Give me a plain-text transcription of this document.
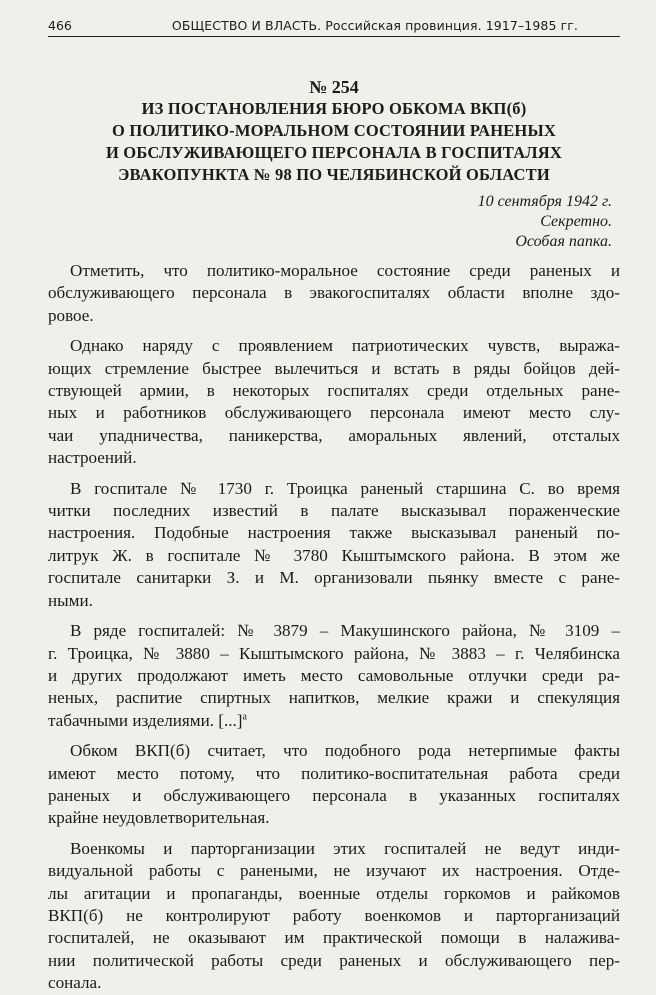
466	ОБЩЕСТВО И ВЛАСТЬ. Российская провинция. 1917–1985 гг.
№ 254
ИЗ ПОСТАНОВЛЕНИЯ БЮРО ОБКОМА ВКП(б)
О ПОЛИТИКО-МОРАЛЬНОМ СОСТОЯНИИ РАНЕНЫХ
И ОБСЛУЖИВАЮЩЕГО ПЕРСОНАЛА В ГОСПИТАЛЯХ
ЭВАКОПУНКТА № 98 ПО ЧЕЛЯБИНСКОЙ ОБЛАСТИ
10 сентября 1942 г.
Секретно.
Особая папка.

Отметить, что политико-моральное состояние среди раненых и
обслуживающего персонала в эвакогоспиталях области вполне здо-
ровое.

Однако наряду с проявлением патриотических чувств, выража-
ющих стремление быстрее вылечиться и встать в ряды бойцов дей-
ствующей армии, в некоторых госпиталях среди отдельных ране-
ных и работников обслуживающего персонала имеют место слу-
чаи упадничества, паникерства, аморальных явлений, отсталых
настроений.

В госпитале № 1730 г. Троицка раненый старшина С. во время
читки последних известий в палате высказывал пораженческие
настроения. Подобные настроения также высказывал раненый по-
литрук Ж. в госпитале № 3780 Кыштымского района. В этом же
госпитале санитарки З. и М. организовали пьянку вместе с ране-
ными.

В ряде госпиталей: № 3879 – Макушинского района, № 3109 –
г. Троицка, № 3880 – Кыштымского района, № 3883 – г. Челябинска
и других продолжают иметь место самовольные отлучки среди ра-
неных, распитие спиртных напитков, мелкие кражи и спекуляция
табачными изделиями. [...]$^а$

Обком ВКП(б) считает, что подобного рода нетерпимые факты
имеют место потому, что политико-воспитательная работа среди
раненых и обслуживающего персонала в указанных госпиталях
крайне неудовлетворительная.

Военкомы и парторганизации этих госпиталей не ведут инди-
видуальной работы с ранеными, не изучают их настроения. Отде-
лы агитации и пропаганды, военные отделы горкомов и райкомов
ВКП(б) не контролируют работу военкомов и парторганизаций
госпиталей, не оказывают им практической помощи в налажива-
нии политической работы среди раненых и обслуживающего пер-
сонала.
